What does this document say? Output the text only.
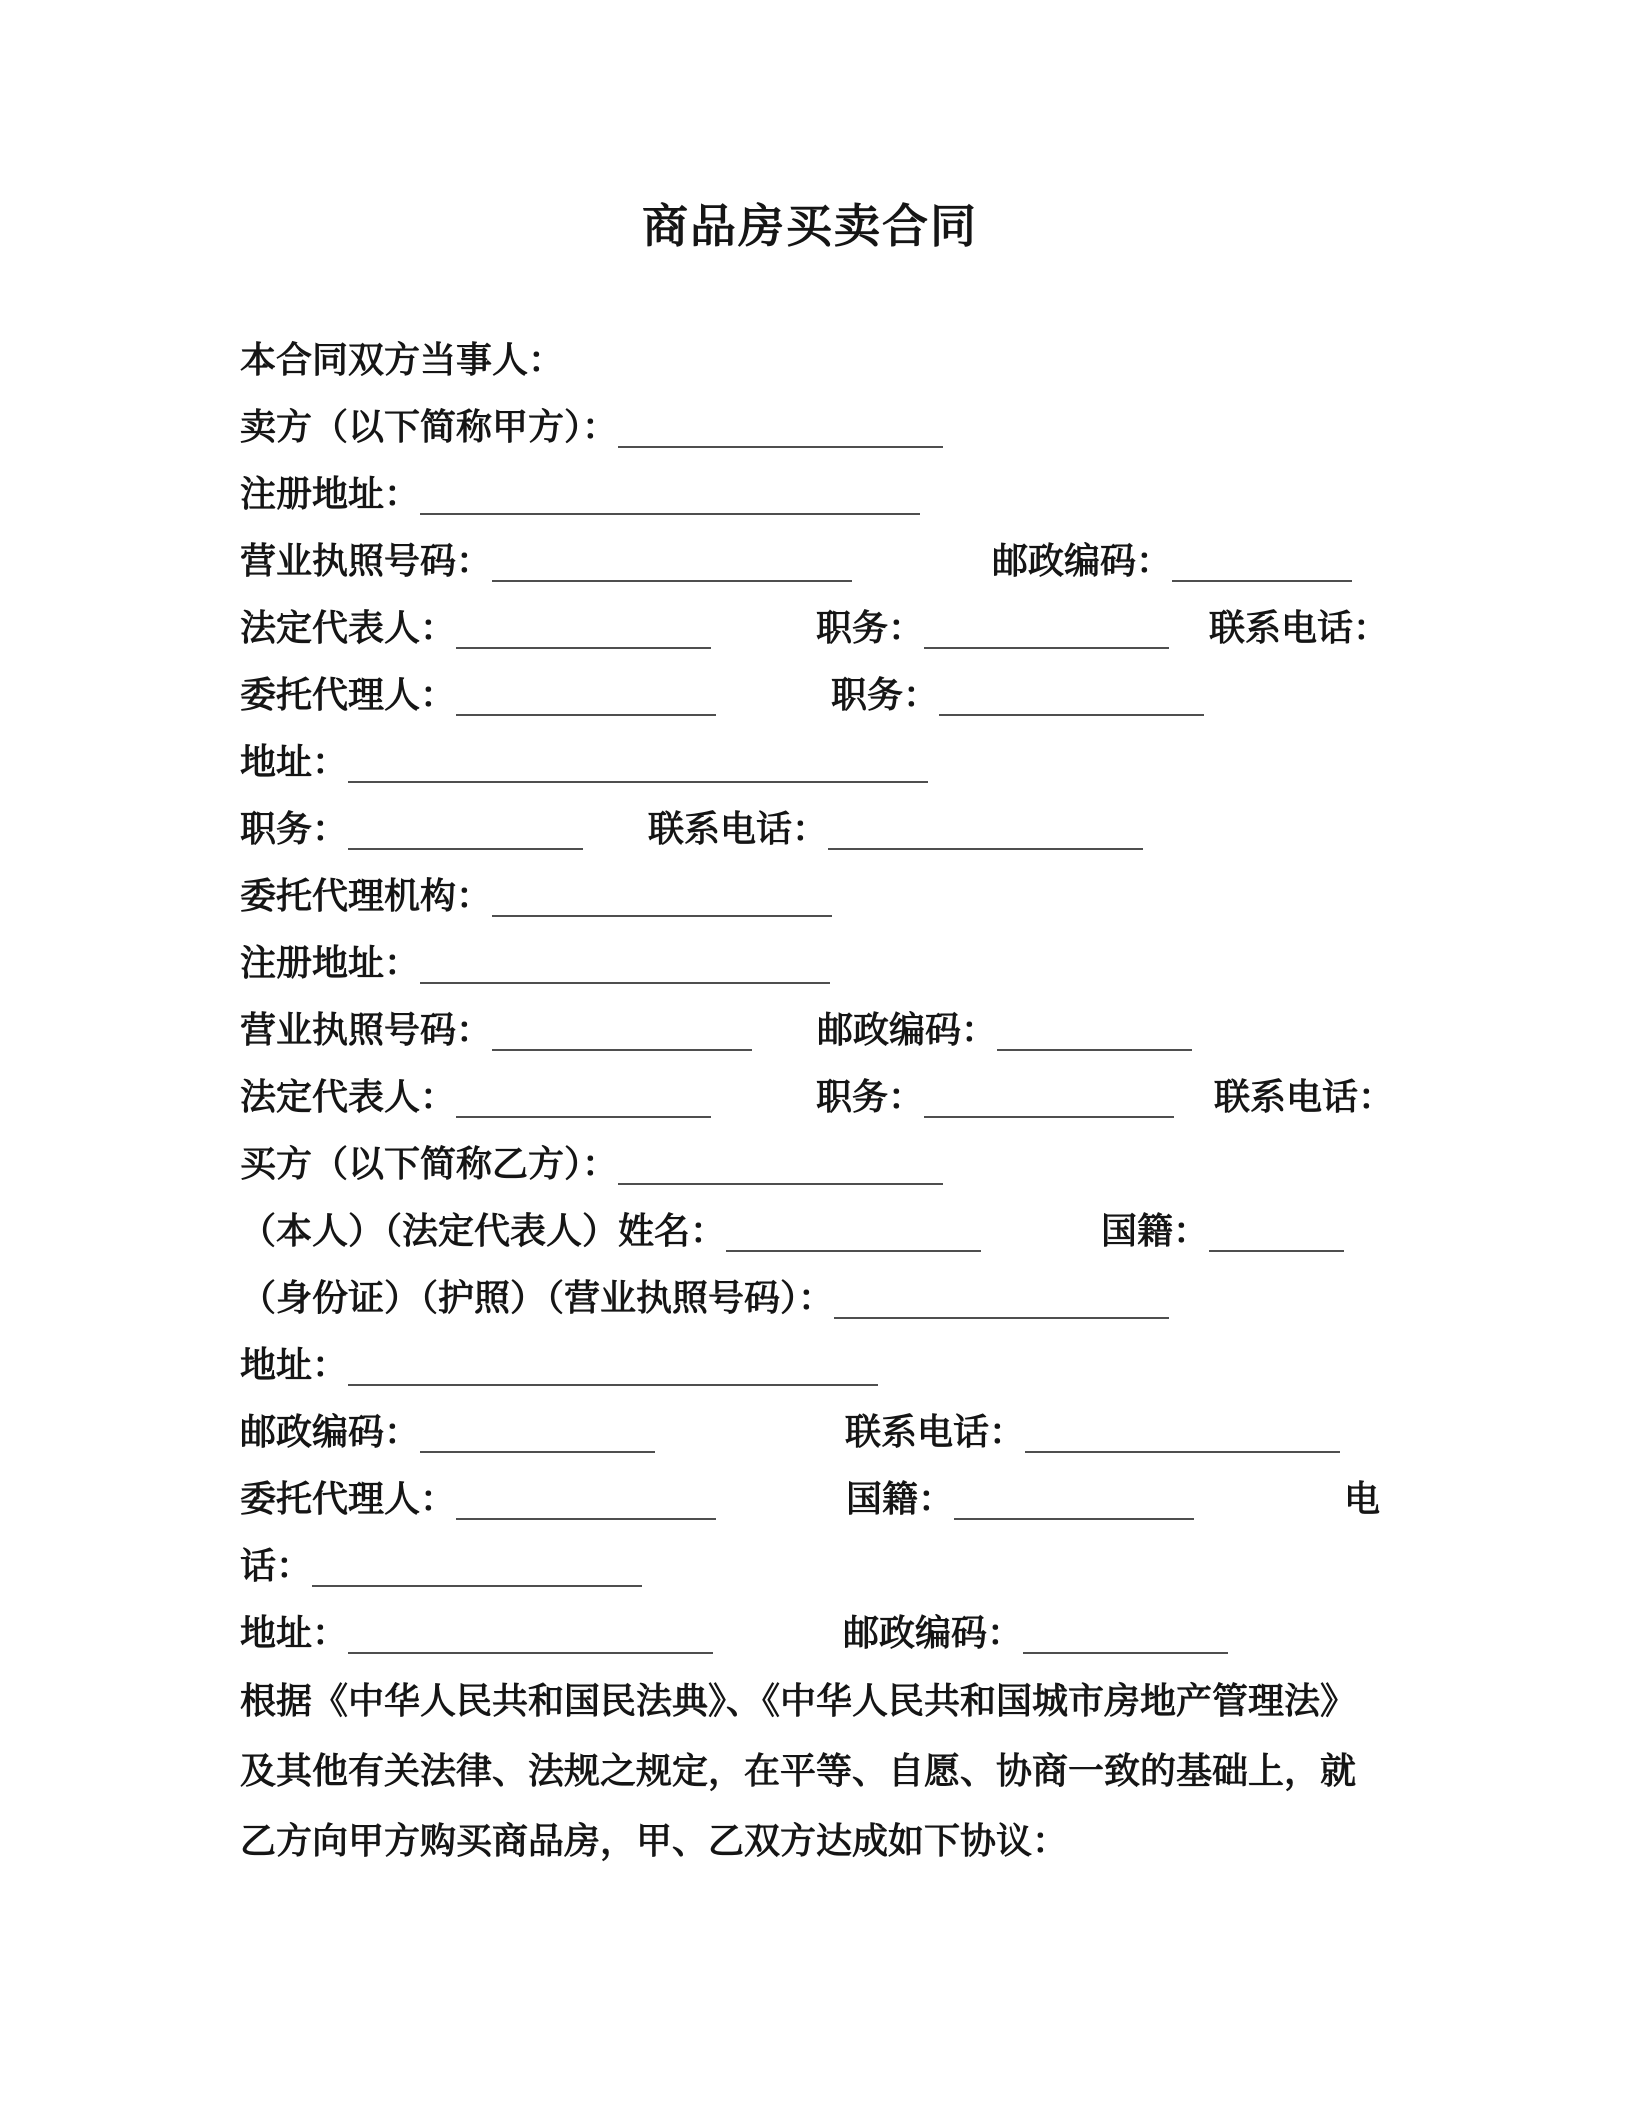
商品房买卖合同
本合同双方当事人：
卖方（以下简称甲方）：
注册地址：
营业执照号码：	邮政编码：
法定代表人：	职务：	联系电话：
委托代理人：	职务：
地址：
职务：	联系电话：
委托代理机构：
注册地址：
营业执照号码：	邮政编码：
法定代表人：	职务：	联系电话：
买方（以下简称乙方）：
（本人）（法定代表人）姓名：	国籍：
（身份证）（护照）（营业执照号码）：
地址：
邮政编码：	联系电话：
委托代理人：	国籍：	电
话：
地址：	邮政编码：
根据《中华人民共和国民法典》、《中华人民共和国城市房地产管理法》
及其他有关法律、法规之规定，在平等、自愿、协商一致的基础上，就
乙方向甲方购买商品房，甲、乙双方达成如下协议：
